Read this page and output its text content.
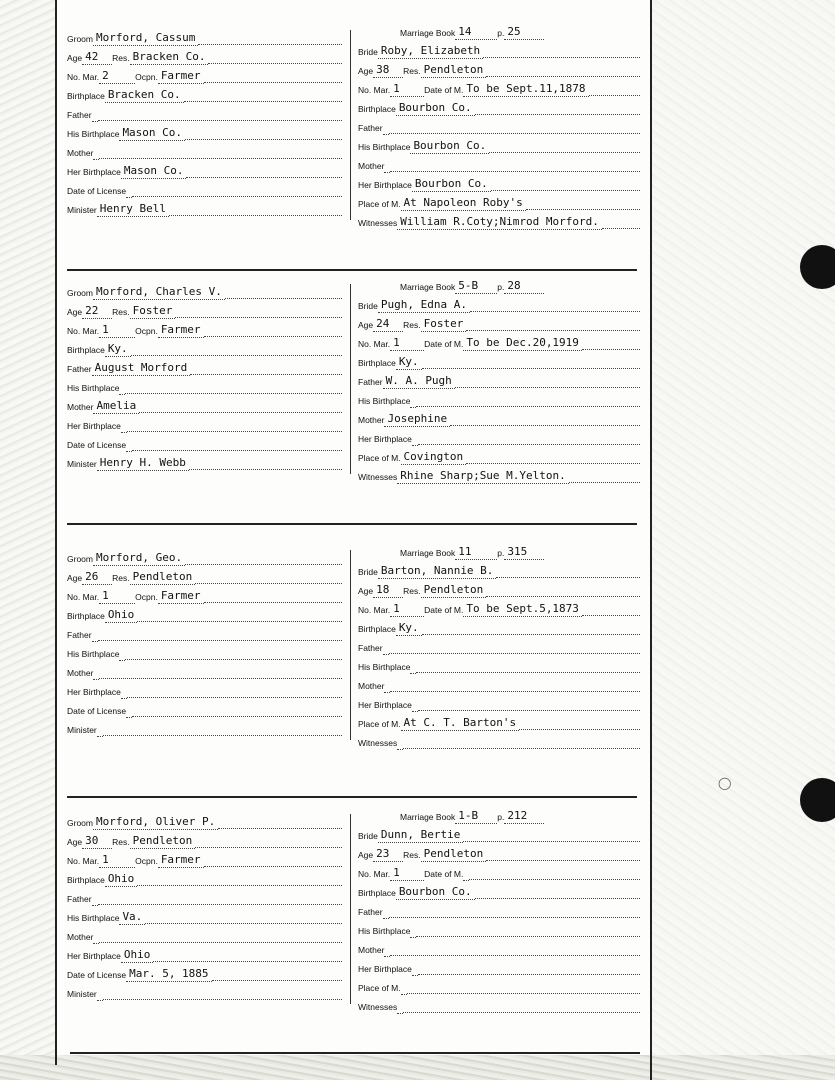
◯
Groom Morford, Cassum
Age 42	Res. Bracken Co.
No. Mar. 2	Ocpn. Farmer
Birthplace Bracken Co.
Father
His Birthplace Mason Co.
Mother
Her Birthplace Mason Co.
Date of License
Minister Henry Bell
Marriage Book 14	p. 25
Bride Roby, Elizabeth
Age 38	Res. Pendleton
No. Mar. 1	Date of M. To be Sept.11,1878
Birthplace Bourbon Co.
Father
His Birthplace Bourbon Co.
Mother
Her Birthplace Bourbon Co.
Place of M. At Napoleon Roby's
Witnesses William R.Coty;Nimrod Morford.
Groom Morford, Charles V.
Age 22	Res. Foster
No. Mar. 1	Ocpn. Farmer
Birthplace Ky.
Father August Morford
His Birthplace
Mother Amelia
Her Birthplace
Date of License
Minister Henry H. Webb
Marriage Book 5-B	p. 28
Bride Pugh, Edna A.
Age 24	Res. Foster
No. Mar. 1	Date of M. To be Dec.20,1919
Birthplace Ky.
Father W. A. Pugh
His Birthplace
Mother Josephine
Her Birthplace
Place of M. Covington
Witnesses Rhine Sharp;Sue M.Yelton.
Groom Morford, Geo.
Age 26	Res. Pendleton
No. Mar. 1	Ocpn. Farmer
Birthplace Ohio
Father
His Birthplace
Mother
Her Birthplace
Date of License
Minister
Marriage Book 11	p. 315
Bride Barton, Nannie B.
Age 18	Res. Pendleton
No. Mar. 1	Date of M. To be Sept.5,1873
Birthplace Ky.
Father
His Birthplace
Mother
Her Birthplace
Place of M. At C. T. Barton's
Witnesses
Groom Morford, Oliver P.
Age 30	Res. Pendleton
No. Mar. 1	Ocpn. Farmer
Birthplace Ohio
Father
His Birthplace Va.
Mother
Her Birthplace Ohio
Date of License Mar. 5, 1885
Minister
Marriage Book 1-B	p. 212
Bride Dunn, Bertie
Age 23	Res. Pendleton
No. Mar. 1	Date of M.
Birthplace Bourbon Co.
Father
His Birthplace
Mother
Her Birthplace
Place of M.
Witnesses
